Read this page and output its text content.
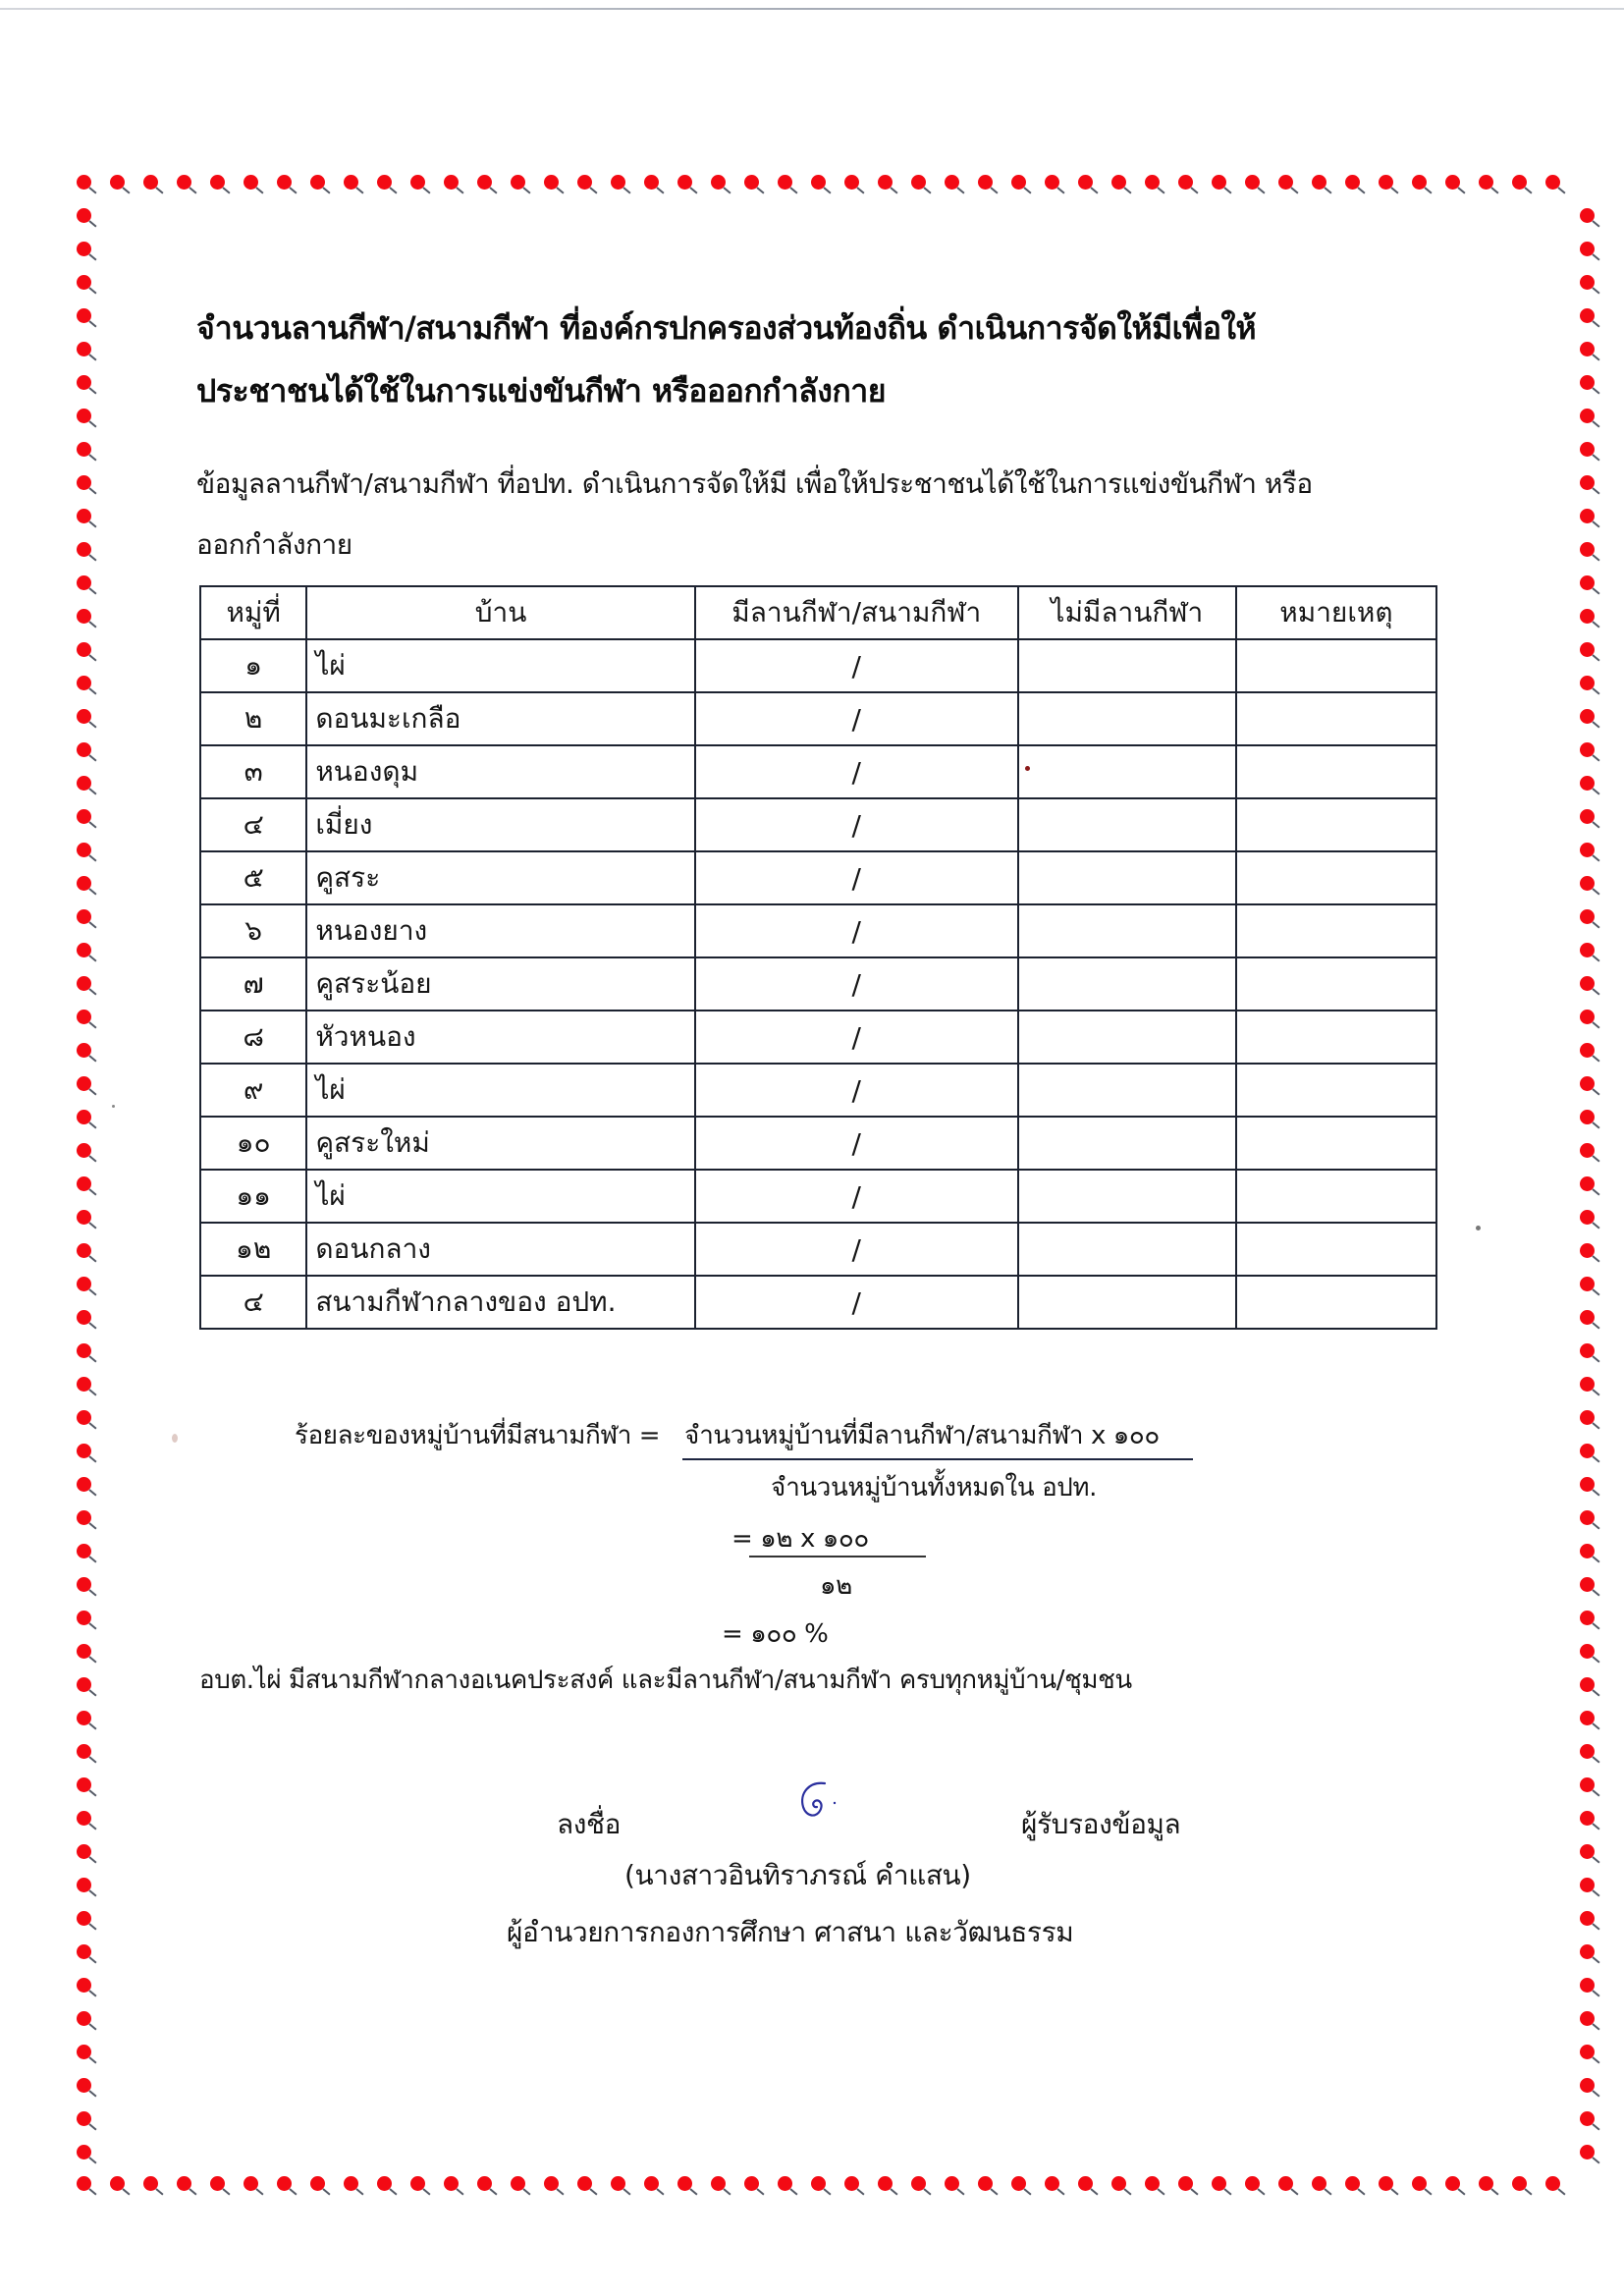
จำนวนลานกีฬา/สนามกีฬา ที่องค์กรปกครองส่วนท้องถิ่น ดำเนินการจัดให้มีเพื่อให้
ประชาชนได้ใช้ในการแข่งขันกีฬา หรือออกกำลังกาย
ข้อมูลลานกีฬา/สนามกีฬา ที่อปท. ดำเนินการจัดให้มี เพื่อให้ประชาชนได้ใช้ในการแข่งขันกีฬา หรือ
ออกกำลังกาย
หมู่ที่	บ้าน	มีลานกีฬา/สนามกีฬา	ไม่มีลานกีฬา	หมายเหตุ
๑	ไผ่	/		
๒	ดอนมะเกลือ	/		
๓	หนองดุม	/		
๔	เมี่ยง	/		
๕	คูสระ	/		
๖	หนองยาง	/		
๗	คูสระน้อย	/		
๘	หัวหนอง	/		
๙	ไผ่	/		
๑๐	คูสระใหม่	/		
๑๑	ไผ่	/		
๑๒	ดอนกลาง	/		
๔	สนามกีฬากลางของ อปท.	/		
ร้อยละของหมู่บ้านที่มีสนามกีฬา = จำนวนหมู่บ้านที่มีลานกีฬา/สนามกีฬา x ๑๐๐
จำนวนหมู่บ้านทั้งหมดใน อปท.
= ๑๒ x ๑๐๐
๑๒
= ๑๐๐ %
อบต.ไผ่ มีสนามกีฬากลางอเนคประสงค์ และมีลานกีฬา/สนามกีฬา ครบทุกหมู่บ้าน/ชุมชน
ลงชื่อ	ผู้รับรองข้อมูล
(นางสาวอินทิราภรณ์ คำแสน)
ผู้อำนวยการกองการศึกษา ศาสนา และวัฒนธรรม
